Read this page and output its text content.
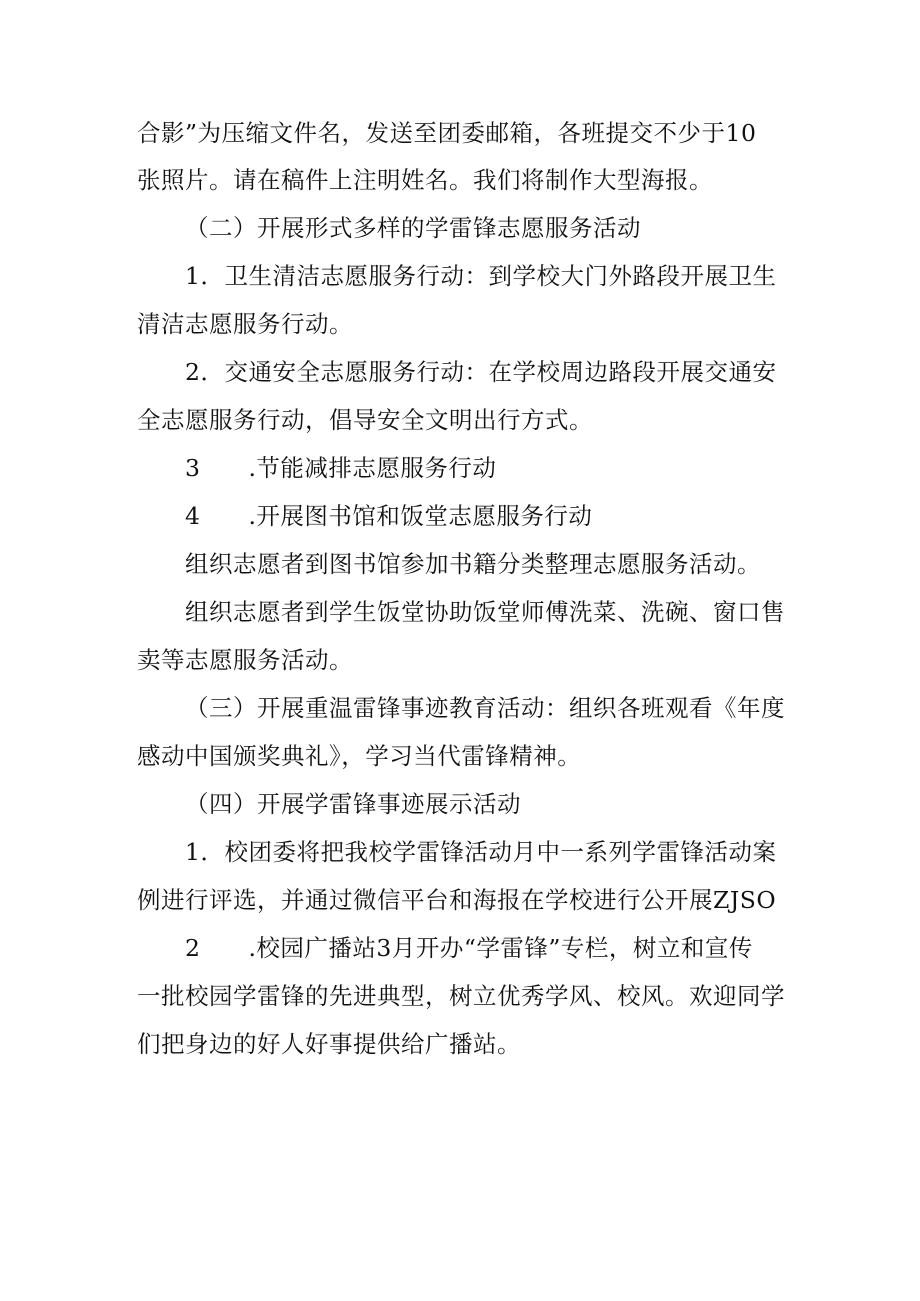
合影”为压缩文件名，发送至团委邮箱，各班提交不少于10
张照片。请在稿件上注明姓名。我们将制作大型海报。
（二）开展形式多样的学雷锋志愿服务活动
1．卫生清洁志愿服务行动：到学校大门外路段开展卫生
清洁志愿服务行动。
2．交通安全志愿服务行动：在学校周边路段开展交通安
全志愿服务行动，倡导安全文明出行方式。
3 .节能减排志愿服务行动
4 .开展图书馆和饭堂志愿服务行动
组织志愿者到图书馆参加书籍分类整理志愿服务活动。
组织志愿者到学生饭堂协助饭堂师傅洗菜、洗碗、窗口售
卖等志愿服务活动。
（三）开展重温雷锋事迹教育活动：组织各班观看《年度
感动中国颁奖典礼》，学习当代雷锋精神。
（四）开展学雷锋事迹展示活动
1．校团委将把我校学雷锋活动月中一系列学雷锋活动案
例进行评选，并通过微信平台和海报在学校进行公开展ZJSO
2 .校园广播站3月开办“学雷锋”专栏，树立和宣传
一批校园学雷锋的先进典型，树立优秀学风、校风。欢迎同学
们把身边的好人好事提供给广播站。
